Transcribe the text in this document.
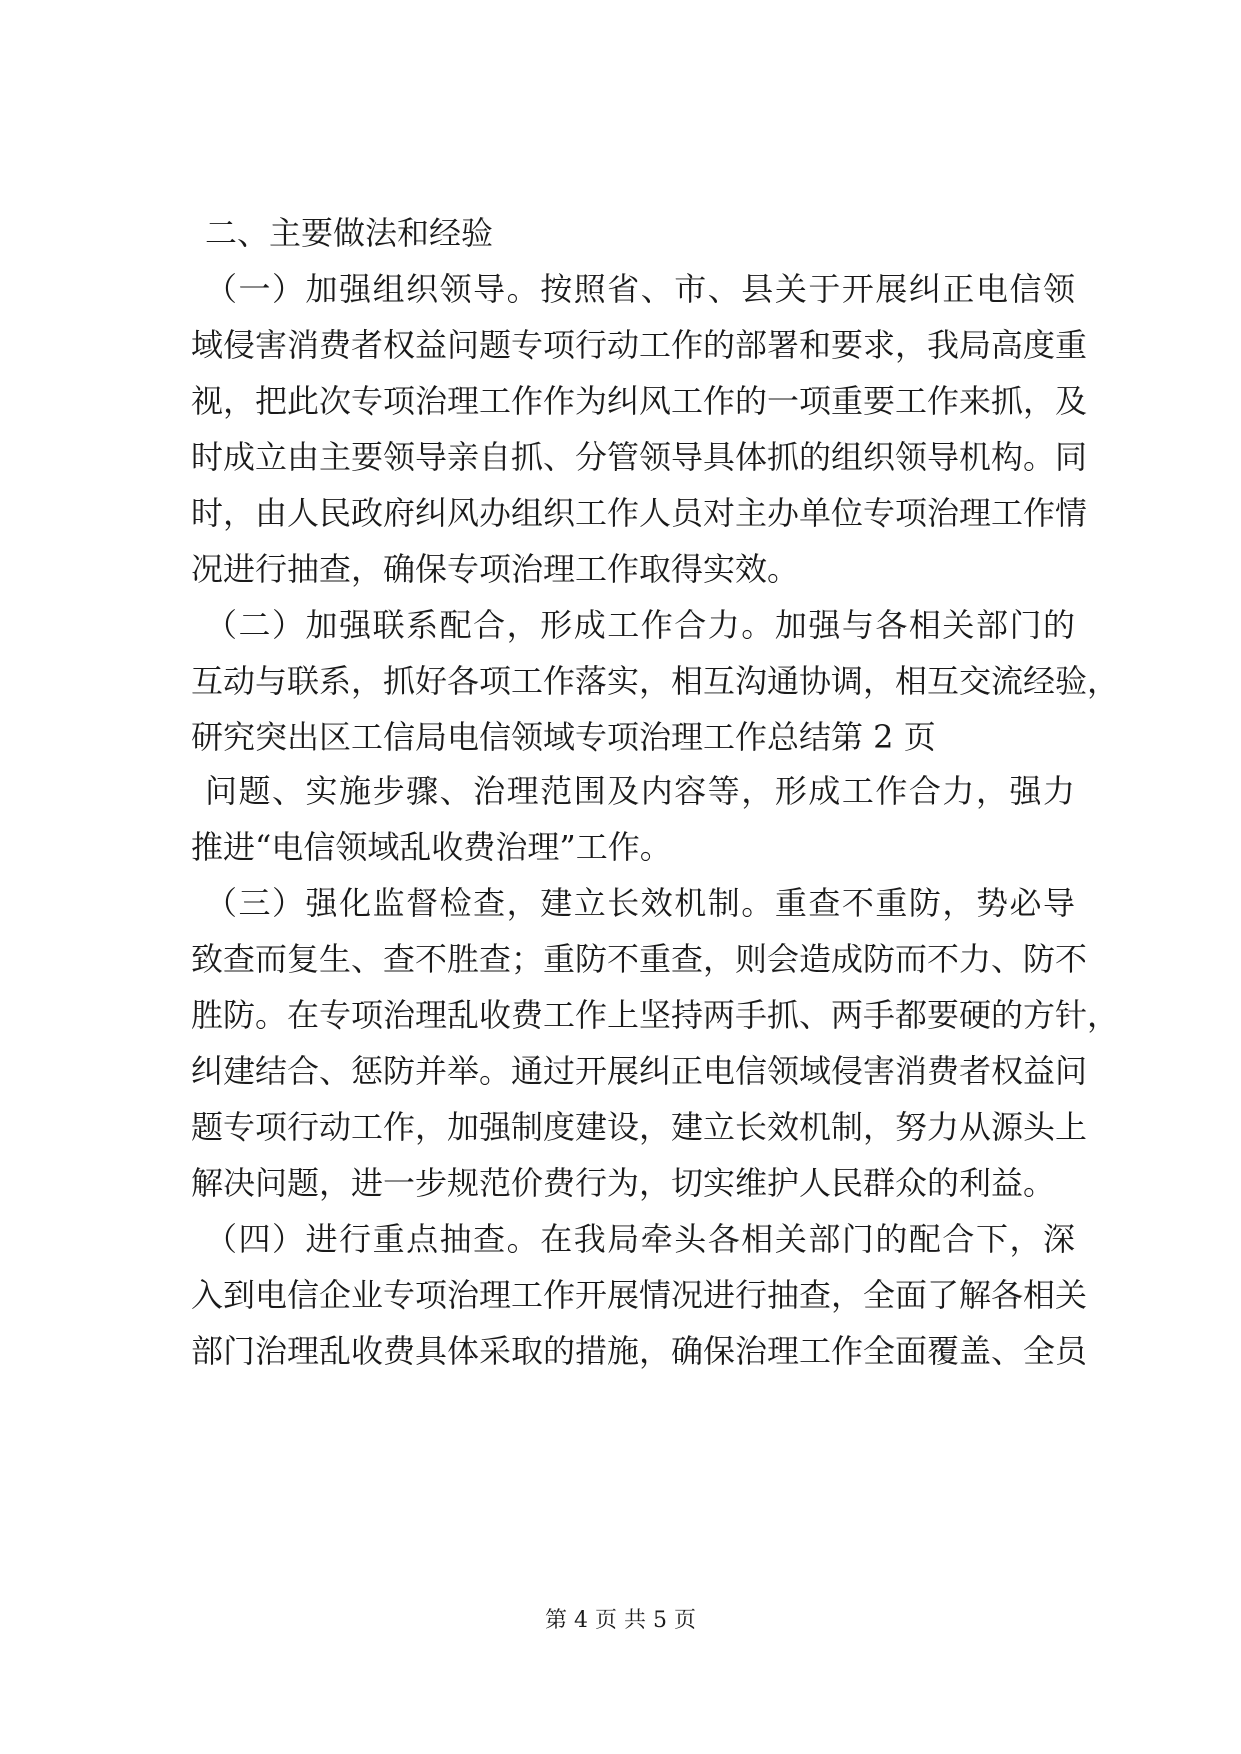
二、主要做法和经验
（一）加强组织领导。按照省、市、县关于开展纠正电信领
域侵害消费者权益问题专项行动工作的部署和要求，我局高度重
视，把此次专项治理工作作为纠风工作的一项重要工作来抓，及
时成立由主要领导亲自抓、分管领导具体抓的组织领导机构。同
时，由人民政府纠风办组织工作人员对主办单位专项治理工作情
况进行抽查，确保专项治理工作取得实效。
（二）加强联系配合，形成工作合力。加强与各相关部门的
互动与联系，抓好各项工作落实，相互沟通协调，相互交流经验，
研究突出区工信局电信领域专项治理工作总结第 2 页
问题、实施步骤、治理范围及内容等，形成工作合力，强力
推进“电信领域乱收费治理”工作。
（三）强化监督检查，建立长效机制。重查不重防，势必导
致查而复生、查不胜查；重防不重查，则会造成防而不力、防不
胜防。在专项治理乱收费工作上坚持两手抓、两手都要硬的方针，
纠建结合、惩防并举。通过开展纠正电信领域侵害消费者权益问
题专项行动工作，加强制度建设，建立长效机制，努力从源头上
解决问题，进一步规范价费行为，切实维护人民群众的利益。
（四）进行重点抽查。在我局牵头各相关部门的配合下，深
入到电信企业专项治理工作开展情况进行抽查，全面了解各相关
部门治理乱收费具体采取的措施，确保治理工作全面覆盖、全员
第 4 页 共 5 页
